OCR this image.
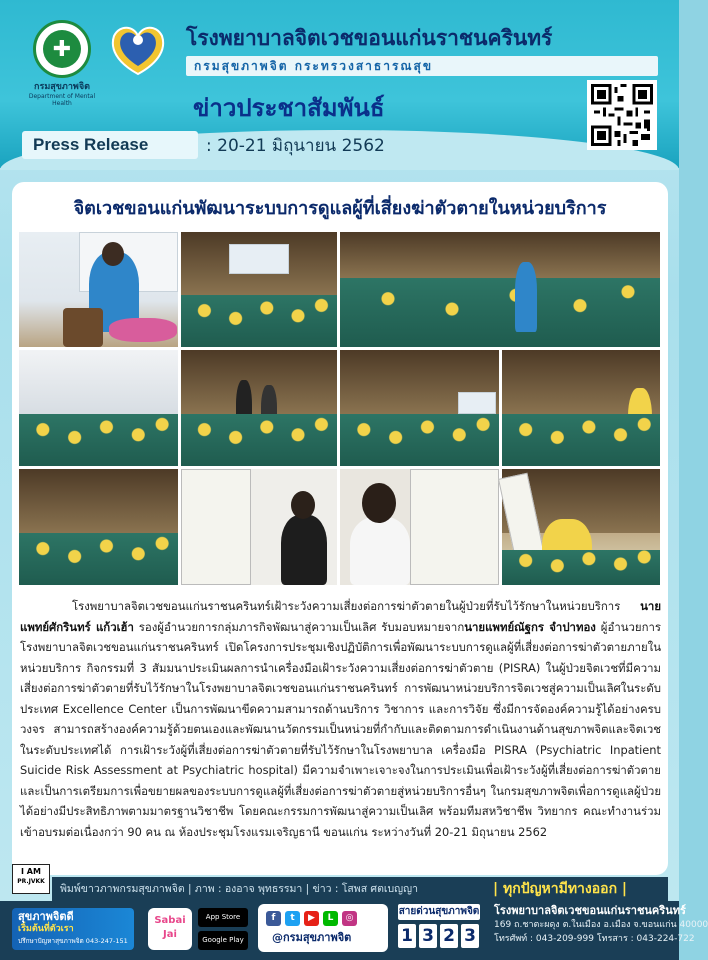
✚
กรมสุขภาพจิต
Department of Mental Health
โรงพยาบาลจิตเวชขอนแก่นราชนครินทร์
กรมสุขภาพจิต กระทรวงสาธารณสุข
ข่าวประชาสัมพันธ์
Press Release	: 20-21 มิถุนายน 2562
จิตเวชขอนแก่นพัฒนาระบบการดูแลผู้ที่เสี่ยงฆ่าตัวตายในหน่วยบริการ

โรงพยาบาลจิตเวชขอนแก่นราชนครินทร์เฝ้าระวังความเสี่ยงต่อการฆ่าตัวตายในผู้ป่วยที่รับไว้รักษาในหน่วยบริการ นายแพทย์ศักรินทร์ แก้วเฮ้า รองผู้อำนวยการกลุ่มภารกิจพัฒนาสู่ความเป็นเลิศ รับมอบหมายจากนายแพทย์ณัฐกร จำปาทอง ผู้อำนวยการโรงพยาบาลจิตเวชขอนแก่นราชนครินทร์ เปิดโครงการประชุมเชิงปฏิบัติการเพื่อพัฒนาระบบการดูแลผู้ที่เสี่ยงต่อการฆ่าตัวตายภายในหน่วยบริการ กิจกรรมที่ 3 สัมมนาประเมินผลการนำเครื่องมือเฝ้าระวังความเสี่ยงต่อการฆ่าตัวตาย (PISRA) ในผู้ป่วยจิตเวชที่มีความเสี่ยงต่อการฆ่าตัวตายที่รับไว้รักษาในโรงพยาบาลจิตเวชขอนแก่นราชนครินทร์ การพัฒนาหน่วยบริการจิตเวชสู่ความเป็นเลิศในระดับประเทศ Excellence Center เป็นการพัฒนาขีดความสามารถด้านบริการ วิชาการ และการวิจัย ซึ่งมีการจัดองค์ความรู้ได้อย่างครบวงจร สามารถสร้างองค์ความรู้ด้วยตนเองและพัฒนานวัตกรรมเป็นหน่วยที่กำกับและติดตามการดำเนินงานด้านสุขภาพจิตและจิตเวชในระดับประเทศได้ การเฝ้าระวังผู้ที่เสี่ยงต่อการฆ่าตัวตายที่รับไว้รักษาในโรงพยาบาล เครื่องมือ PISRA (Psychiatric Inpatient Suicide Risk Assessment at Psychiatric hospital) มีความจำเพาะเจาะจงในการประเมินเพื่อเฝ้าระวังผู้ที่เสี่ยงต่อการฆ่าตัวตาย และเป็นการเตรียมการเพื่อขยายผลของระบบการดูแลผู้ที่เสี่ยงต่อการฆ่าตัวตายสู่หน่วยบริการอื่นๆ ในกรมสุขภาพจิตเพื่อการดูแลผู้ป่วยได้อย่างมีประสิทธิภาพตามมาตรฐานวิชาชีพ โดยคณะกรรมการพัฒนาสู่ความเป็นเลิศ พร้อมทีมสหวิชาชีพ วิทยากร คณะทำงานร่วมเข้าอบรมต่อเนื่องกว่า 90 คน ณ ห้องประชุมโรงแรมเจริญธานี ขอนแก่น ระหว่างวันที่ 20-21 มิถุนายน 2562

I AM
PR.JVKK
พิมพ์ขาวภาพกรมสุขภาพจิต | ภาพ : องอาจ พุทธรรมา | ข่าว : โสพส ศตเบญญา	| ทุกปัญหามีทางออก |
สุขภาพจิตดี
เริ่มต้นที่ตัวเรา
ปรึกษาปัญหาสุขภาพจิต 043-247-151
Sabai
Jai
App Store
Google Play
f	t	▶	L	◎
@กรมสุขภาพจิต
สายด่วนสุขภาพจิต
1 3 2 3
โรงพยาบาลจิตเวชขอนแก่นราชนครินทร์
169 ถ.ชาตะผดุง ต.ในเมือง อ.เมือง จ.ขอนแก่น 40000
โทรศัพท์ : 043-209-999 โทรสาร : 043-224-722
